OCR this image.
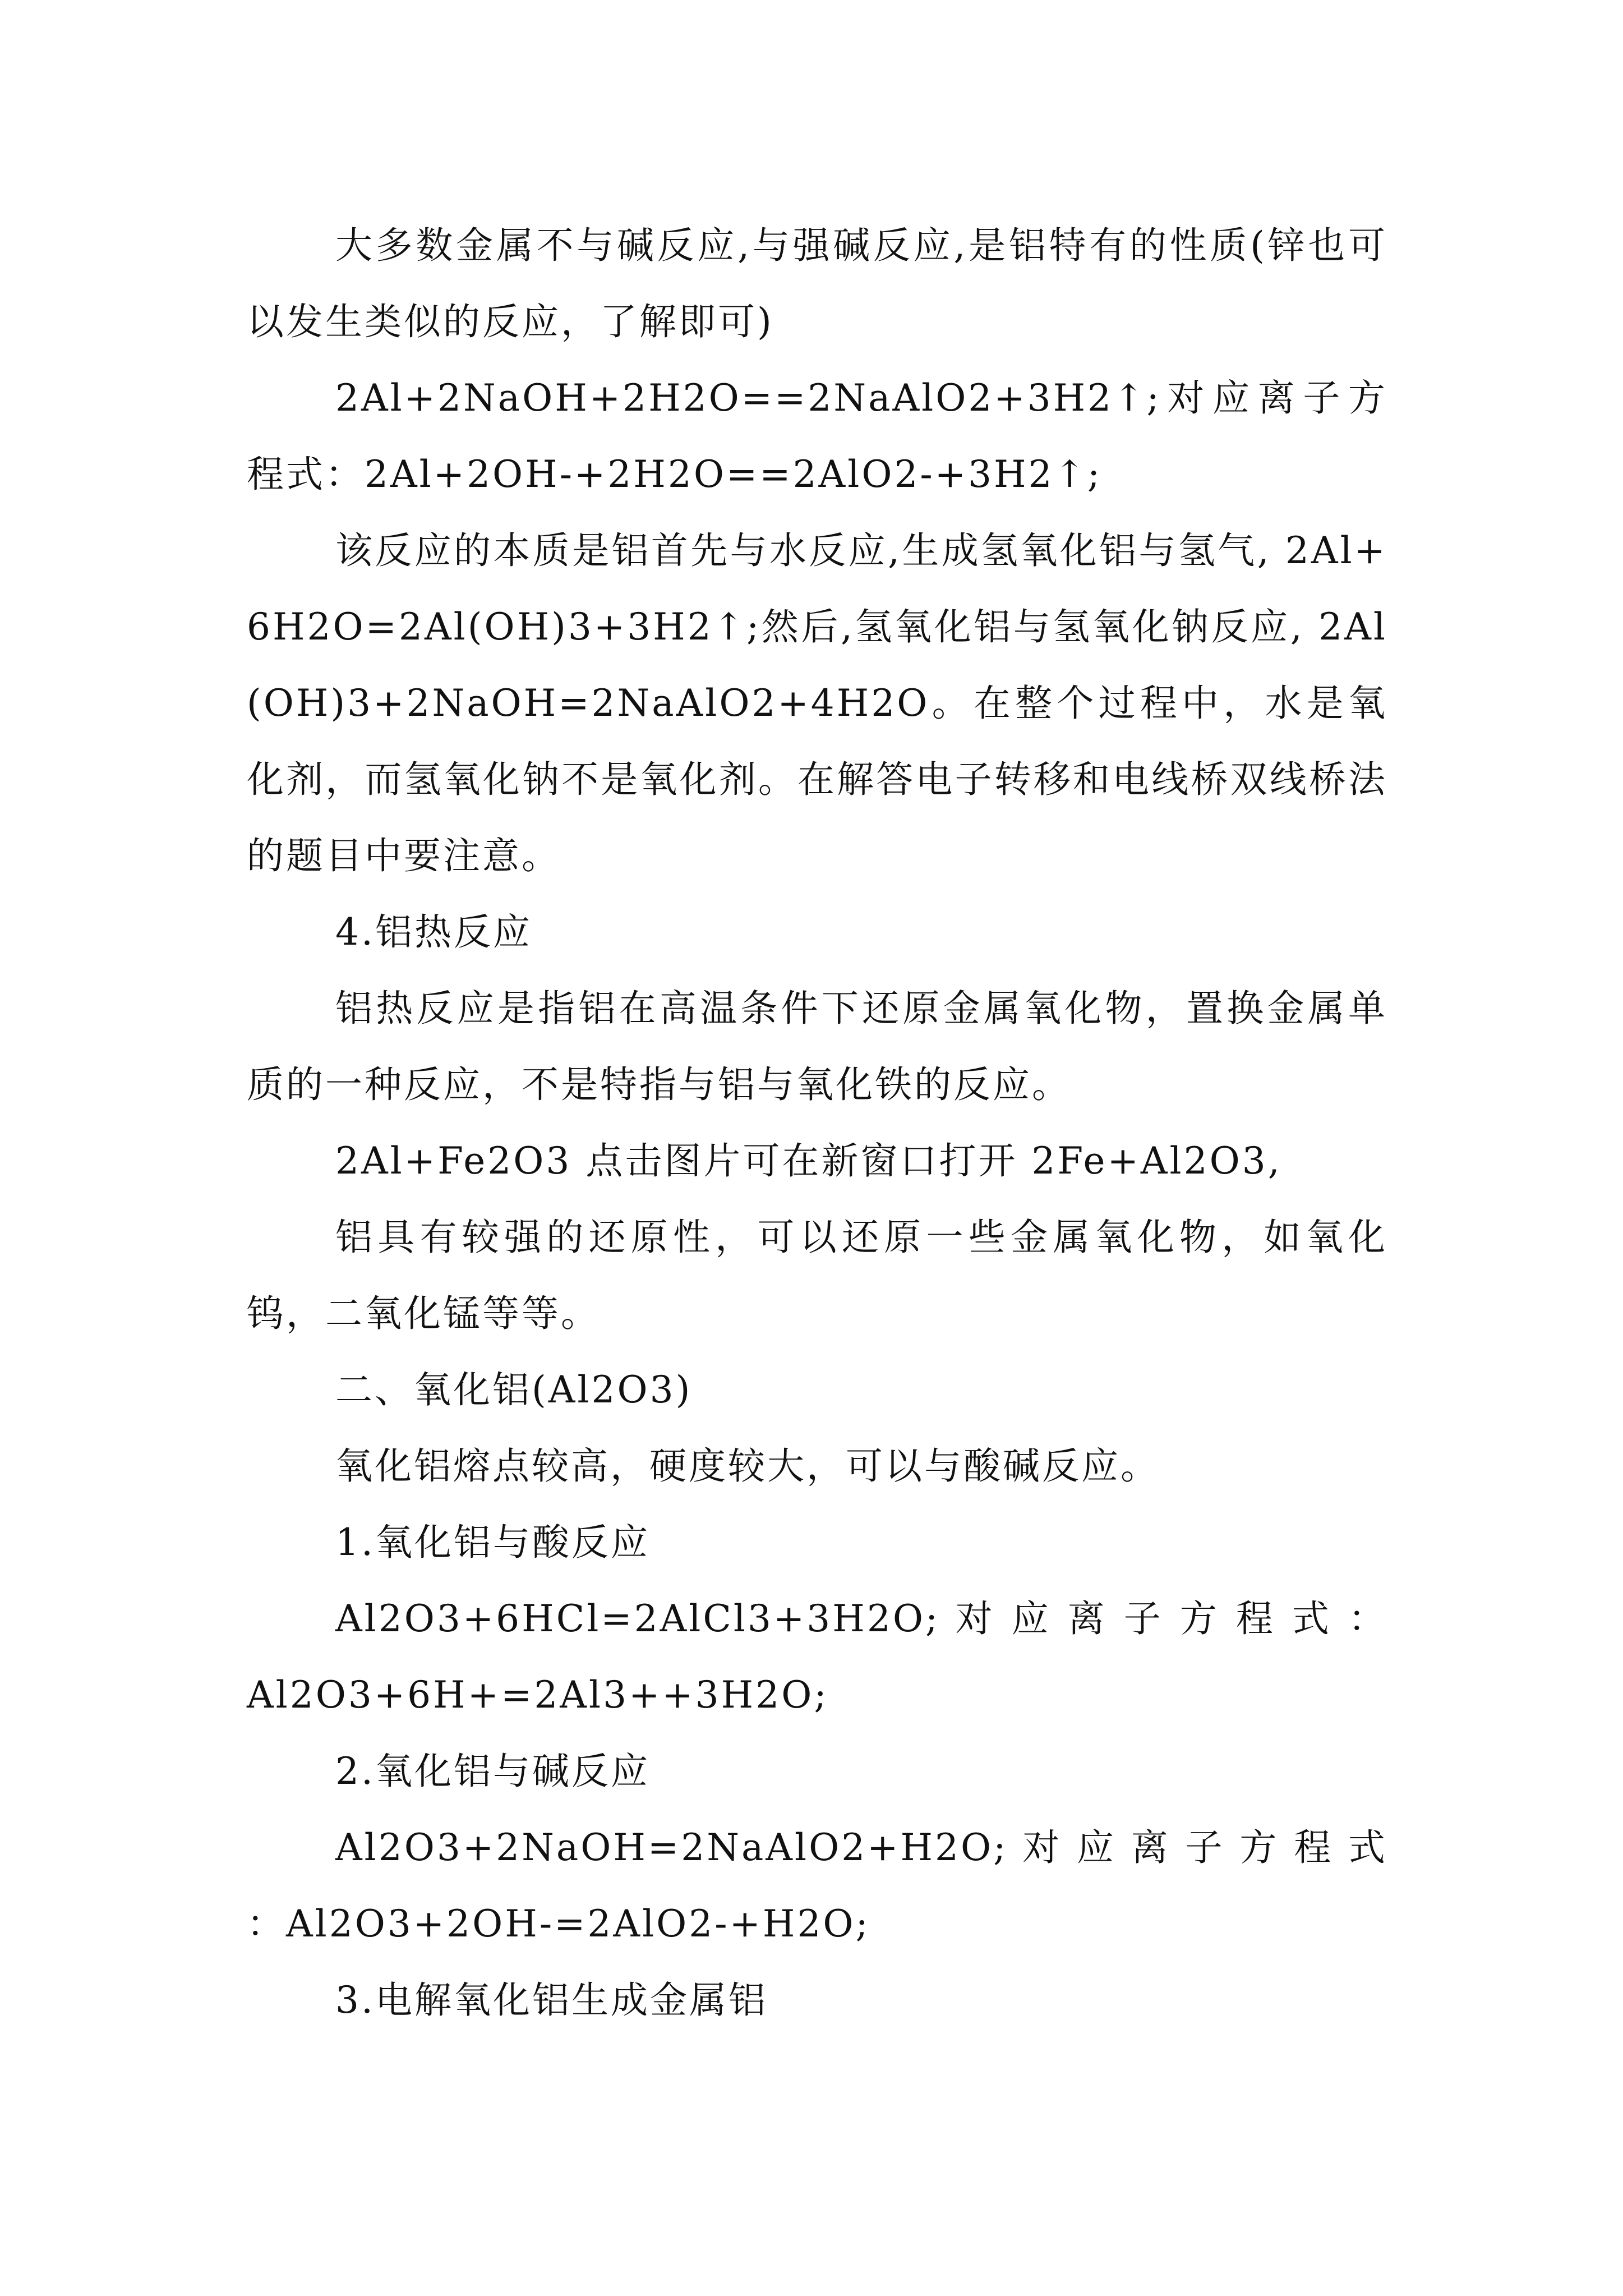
大多数金属不与碱反应,与强碱反应,是铝特有的性质(锌也可以发生类似的反应，了解即可)

2Al+2NaOH+2H2O==2NaAlO2+3H2↑;对应离子方程式：2Al+2OH-+2H2O==2AlO2-+3H2↑;

该反应的本质是铝首先与水反应,生成氢氧化铝与氢气, 2Al+6H2O=2Al(OH)3+3H2↑;然后,氢氧化铝与氢氧化钠反应, 2Al(OH)3+2NaOH=2NaAlO2+4H2O。在整个过程中，水是氧化剂，而氢氧化钠不是氧化剂。在解答电子转移和电线桥双线桥法的题目中要注意。

4.铝热反应

铝热反应是指铝在高温条件下还原金属氧化物，置换金属单质的一种反应，不是特指与铝与氧化铁的反应。

2Al+Fe2O3 点击图片可在新窗口打开 2Fe+Al2O3,

铝具有较强的还原性，可以还原一些金属氧化物，如氧化钨，二氧化锰等等。

二、氧化铝(Al2O3)

氧化铝熔点较高，硬度较大，可以与酸碱反应。

1.氧化铝与酸反应

Al2O3+6HCl=2AlCl3+3H2O; 对 应 离 子 方 程 式 ：Al2O3+6H+=2Al3++3H2O;

2.氧化铝与碱反应

Al2O3+2NaOH=2NaAlO2+H2O; 对 应 离 子 方 程 式 ：Al2O3+2OH-=2AlO2-+H2O;

3.电解氧化铝生成金属铝
